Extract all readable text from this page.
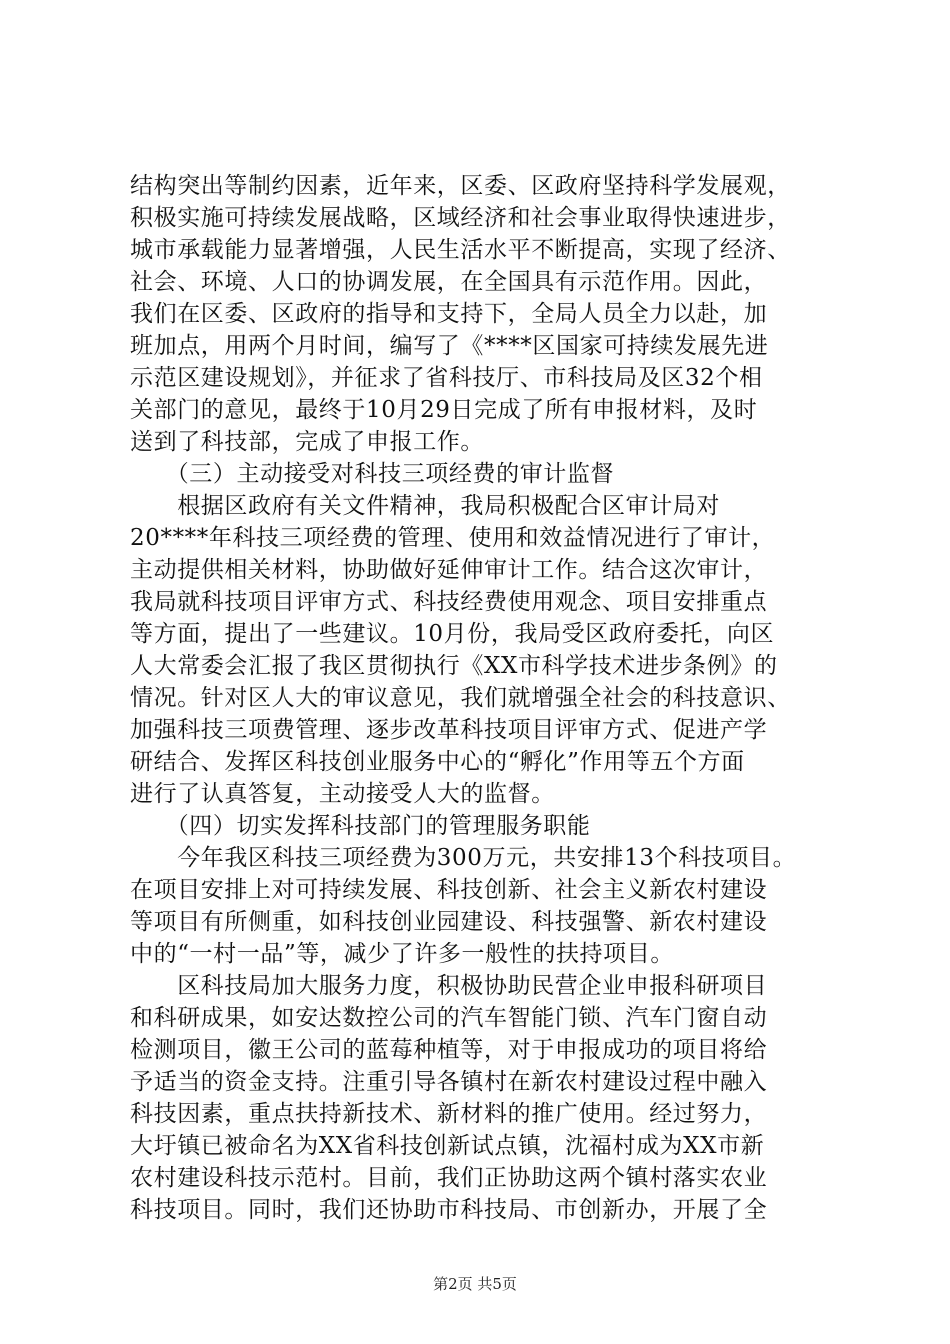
结构突出等制约因素，近年来，区委、区政府坚持科学发展观，
积极实施可持续发展战略，区域经济和社会事业取得快速进步，
城市承载能力显著增强，人民生活水平不断提高，实现了经济、
社会、环境、人口的协调发展，在全国具有示范作用。因此，
我们在区委、区政府的指导和支持下，全局人员全力以赴，加
班加点，用两个月时间，编写了《****区国家可持续发展先进
示范区建设规划》，并征求了省科技厅、市科技局及区32个相
关部门的意见，最终于10月29日完成了所有申报材料，及时
送到了科技部，完成了申报工作。
　　（三）主动接受对科技三项经费的审计监督
　　根据区政府有关文件精神，我局积极配合区审计局对
20****年科技三项经费的管理、使用和效益情况进行了审计，
主动提供相关材料，协助做好延伸审计工作。结合这次审计，
我局就科技项目评审方式、科技经费使用观念、项目安排重点
等方面，提出了一些建议。10月份，我局受区政府委托，向区
人大常委会汇报了我区贯彻执行《XX市科学技术进步条例》的
情况。针对区人大的审议意见，我们就增强全社会的科技意识、
加强科技三项费管理、逐步改革科技项目评审方式、促进产学
研结合、发挥区科技创业服务中心的“孵化”作用等五个方面
进行了认真答复，主动接受人大的监督。
　　（四）切实发挥科技部门的管理服务职能
　　今年我区科技三项经费为300万元，共安排13个科技项目。
在项目安排上对可持续发展、科技创新、社会主义新农村建设
等项目有所侧重，如科技创业园建设、科技强警、新农村建设
中的“一村一品”等，减少了许多一般性的扶持项目。
　　区科技局加大服务力度，积极协助民营企业申报科研项目
和科研成果，如安达数控公司的汽车智能门锁、汽车门窗自动
检测项目，徽王公司的蓝莓种植等，对于申报成功的项目将给
予适当的资金支持。注重引导各镇村在新农村建设过程中融入
科技因素，重点扶持新技术、新材料的推广使用。经过努力，
大圩镇已被命名为XX省科技创新试点镇，沈福村成为XX市新
农村建设科技示范村。目前，我们正协助这两个镇村落实农业
科技项目。同时，我们还协助市科技局、市创新办，开展了全
第2页 共5页
